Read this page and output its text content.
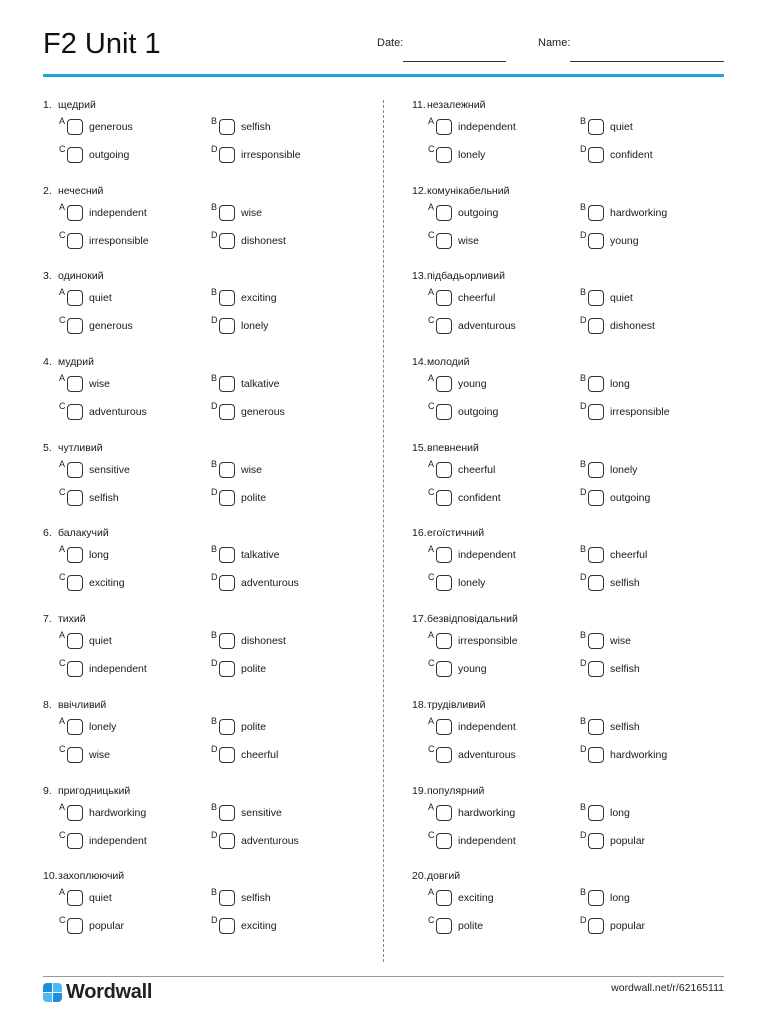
F2 Unit 1	Date:	Name:
1. щедрий
A generous	B selfish
C outgoing	D irresponsible
2. нечесний
A independent	B wise
C irresponsible	D dishonest
3. одинокий
A quiet	B exciting
C generous	D lonely
4. мудрий
A wise	B talkative
C adventurous	D generous
5. чутливий
A sensitive	B wise
C selfish	D polite
6. балакучий
A long	B talkative
C exciting	D adventurous
7. тихий
A quiet	B dishonest
C independent	D polite
8. ввічливий
A lonely	B polite
C wise	D cheerful
9. пригодницький
A hardworking	B sensitive
C independent	D adventurous
10.захоплюючий
A quiet	B selfish
C popular	D exciting
11.незалежний
A independent	B quiet
C lonely	D confident
12.комунікабельний
A outgoing	B hardworking
C wise	D young
13.підбадьорливий
A cheerful	B quiet
C adventurous	D dishonest
14.молодий
A young	B long
C outgoing	D irresponsible
15.впевнений
A cheerful	B lonely
C confident	D outgoing
16.егоїстичний
A independent	B cheerful
C lonely	D selfish
17.безвідповідальний
A irresponsible	B wise
C young	D selfish
18.трудівливий
A independent	B selfish
C adventurous	D hardworking
19.популярний
A hardworking	B long
C independent	D popular
20.довгий
A exciting	B long
C polite	D popular
Wordwall	wordwall.net/r/62165111
